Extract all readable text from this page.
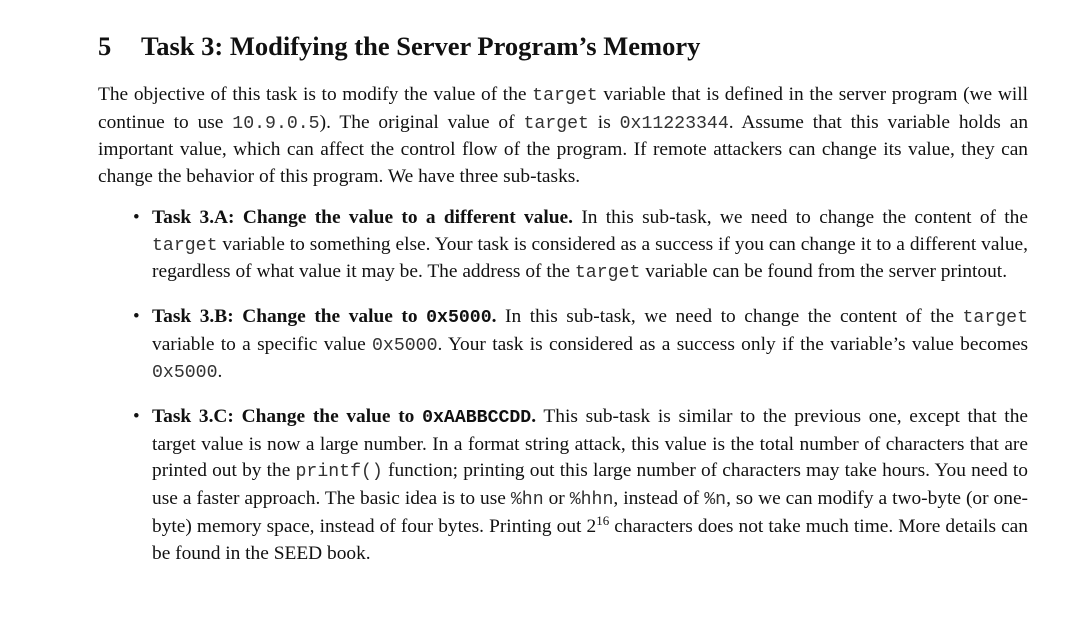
5 Task 3: Modifying the Server Program’s Memory

The objective of this task is to modify the value of the target variable that is defined in the server program (we will continue to use 10.9.0.5). The original value of target is 0x11223344. Assume that this variable holds an important value, which can affect the control flow of the program. If remote attackers can change its value, they can change the behavior of this program. We have three sub-tasks.

• Task 3.A: Change the value to a different value. In this sub-task, we need to change the content of the target variable to something else. Your task is considered as a success if you can change it to a different value, regardless of what value it may be. The address of the target variable can be found from the server printout.
• Task 3.B: Change the value to 0x5000. In this sub-task, we need to change the content of the target variable to a specific value 0x5000. Your task is considered as a success only if the variable’s value becomes 0x5000.
• Task 3.C: Change the value to 0xAABBCCDD. This sub-task is similar to the previous one, except that the target value is now a large number. In a format string attack, this value is the total number of characters that are printed out by the printf() function; printing out this large number of characters may take hours. You need to use a faster approach. The basic idea is to use %hn or %hhn, instead of %n, so we can modify a two-byte (or one-byte) memory space, instead of four bytes. Printing out $2^{16}$ characters does not take much time. More details can be found in the SEED book.
